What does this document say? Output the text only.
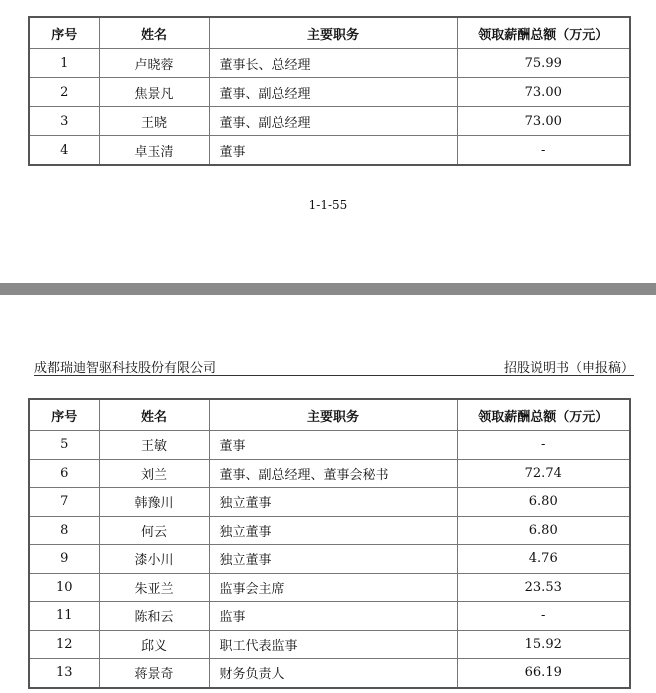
序号	姓名	主要职务	领取薪酬总额（万元）
1	卢晓蓉	董事长、总经理	75.99
2	焦景凡	董事、副总经理	73.00
3	王晓	董事、副总经理	73.00
4	卓玉清	董事	-
1-1-55
成都瑞迪智驱科技股份有限公司	招股说明书（申报稿）
序号	姓名	主要职务	领取薪酬总额（万元）
5	王敏	董事	-
6	刘兰	董事、副总经理、董事会秘书	72.74
7	韩豫川	独立董事	6.80
8	何云	独立董事	6.80
9	漆小川	独立董事	4.76
10	朱亚兰	监事会主席	23.53
11	陈和云	监事	-
12	邱义	职工代表监事	15.92
13	蒋景奇	财务负责人	66.19
